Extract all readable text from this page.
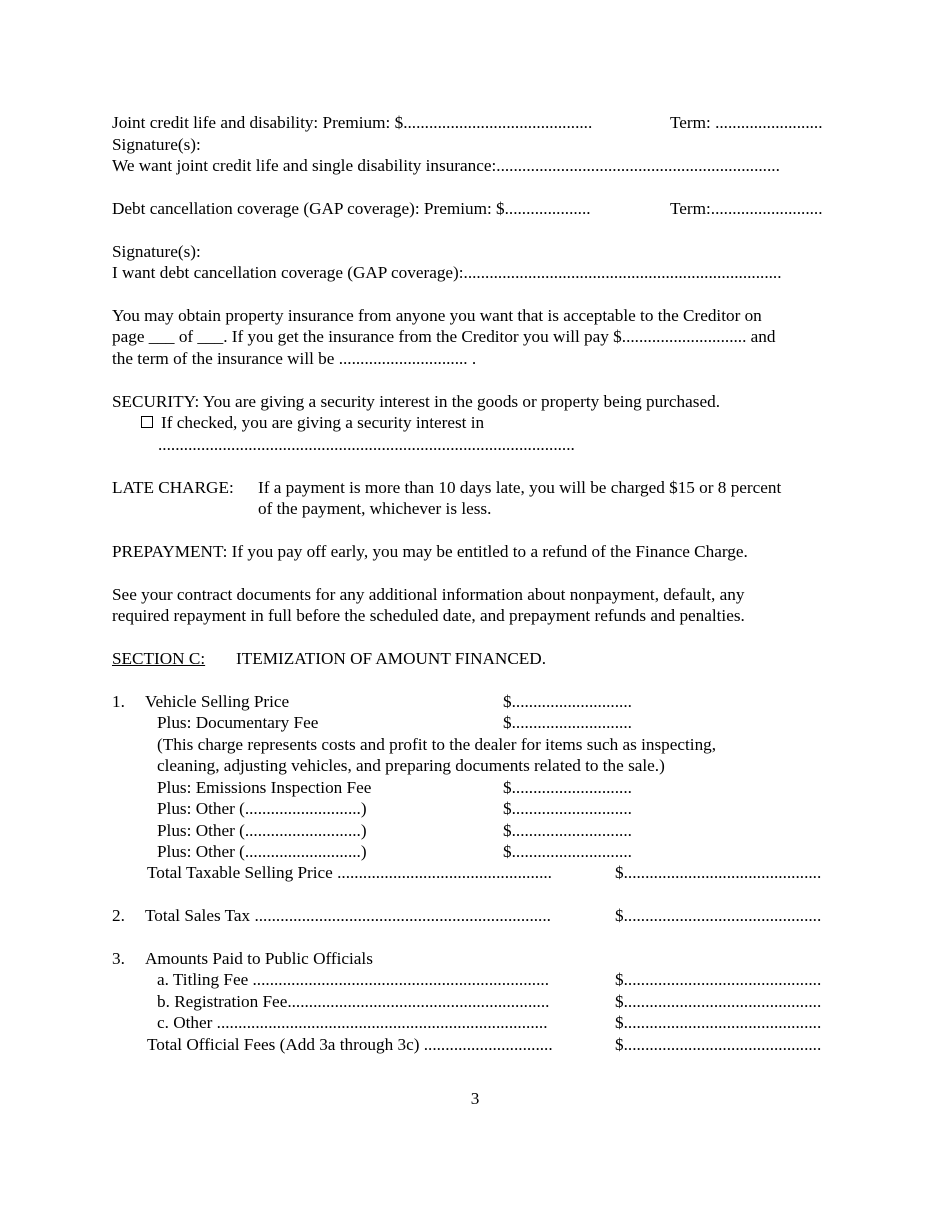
Joint credit life and disability: Premium: $............................................	Term: .........................
Signature(s):
We want joint credit life and single disability insurance:..................................................................
Debt cancellation coverage (GAP coverage): Premium: $....................	Term:..........................
Signature(s):
I want debt cancellation coverage (GAP coverage):..........................................................................
You may obtain property insurance from anyone you want that is acceptable to the Creditor on
page ___ of ___. If you get the insurance from the Creditor you will pay $............................. and
the term of the insurance will be .............................. .
SECURITY: You are giving a security interest in the goods or property being purchased.
If checked, you are giving a security interest in
.................................................................................................
LATE CHARGE: If a payment is more than 10 days late, you will be charged $15 or 8 percent
of the payment, whichever is less.
PREPAYMENT: If you pay off early, you may be entitled to a refund of the Finance Charge.
See your contract documents for any additional information about nonpayment, default, any
required repayment in full before the scheduled date, and prepayment refunds and penalties.
SECTION C: ITEMIZATION OF AMOUNT FINANCED.
1. Vehicle Selling Price	$............................
Plus: Documentary Fee	$............................
(This charge represents costs and profit to the dealer for items such as inspecting,
cleaning, adjusting vehicles, and preparing documents related to the sale.)
Plus: Emissions Inspection Fee	$............................
Plus: Other (...........................)	$............................
Plus: Other (...........................)	$............................
Plus: Other (...........................)	$............................
Total Taxable Selling Price ..................................................	$..............................................
2. Total Sales Tax .....................................................................	$..............................................
3. Amounts Paid to Public Officials
a. Titling Fee .....................................................................	$..............................................
b. Registration Fee.............................................................	$..............................................
c. Other .............................................................................	$..............................................
Total Official Fees (Add 3a through 3c) ..............................	$..............................................
3
